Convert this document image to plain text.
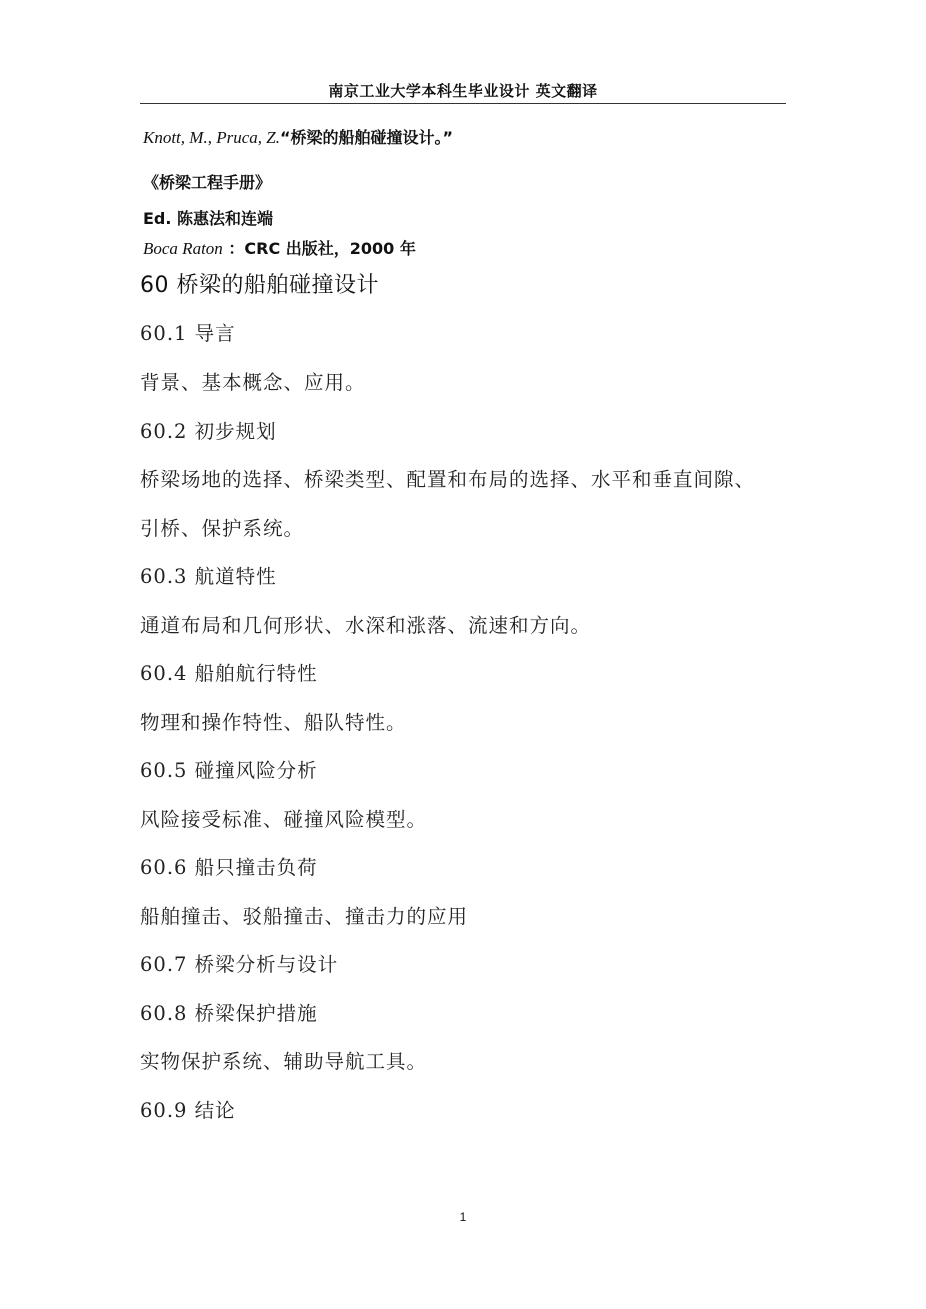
南京工业大学本科生毕业设计 英文翻译
Knott, M., Pruca, Z.“桥梁的船舶碰撞设计。”
《桥梁工程手册》
Ed. 陈惠法和连端
Boca Raton ：CRC 出版社，2000 年
60 桥梁的船舶碰撞设计
60.1 导言
背景、基本概念、应用。
60.2 初步规划
桥梁场地的选择、桥梁类型、配置和布局的选择、水平和垂直间隙、
引桥、保护系统。
60.3 航道特性
通道布局和几何形状、水深和涨落、流速和方向。
60.4 船舶航行特性
物理和操作特性、船队特性。
60.5 碰撞风险分析
风险接受标准、碰撞风险模型。
60.6 船只撞击负荷
船舶撞击、驳船撞击、撞击力的应用
60.7 桥梁分析与设计
60.8 桥梁保护措施
实物保护系统、辅助导航工具。
60.9 结论
1
